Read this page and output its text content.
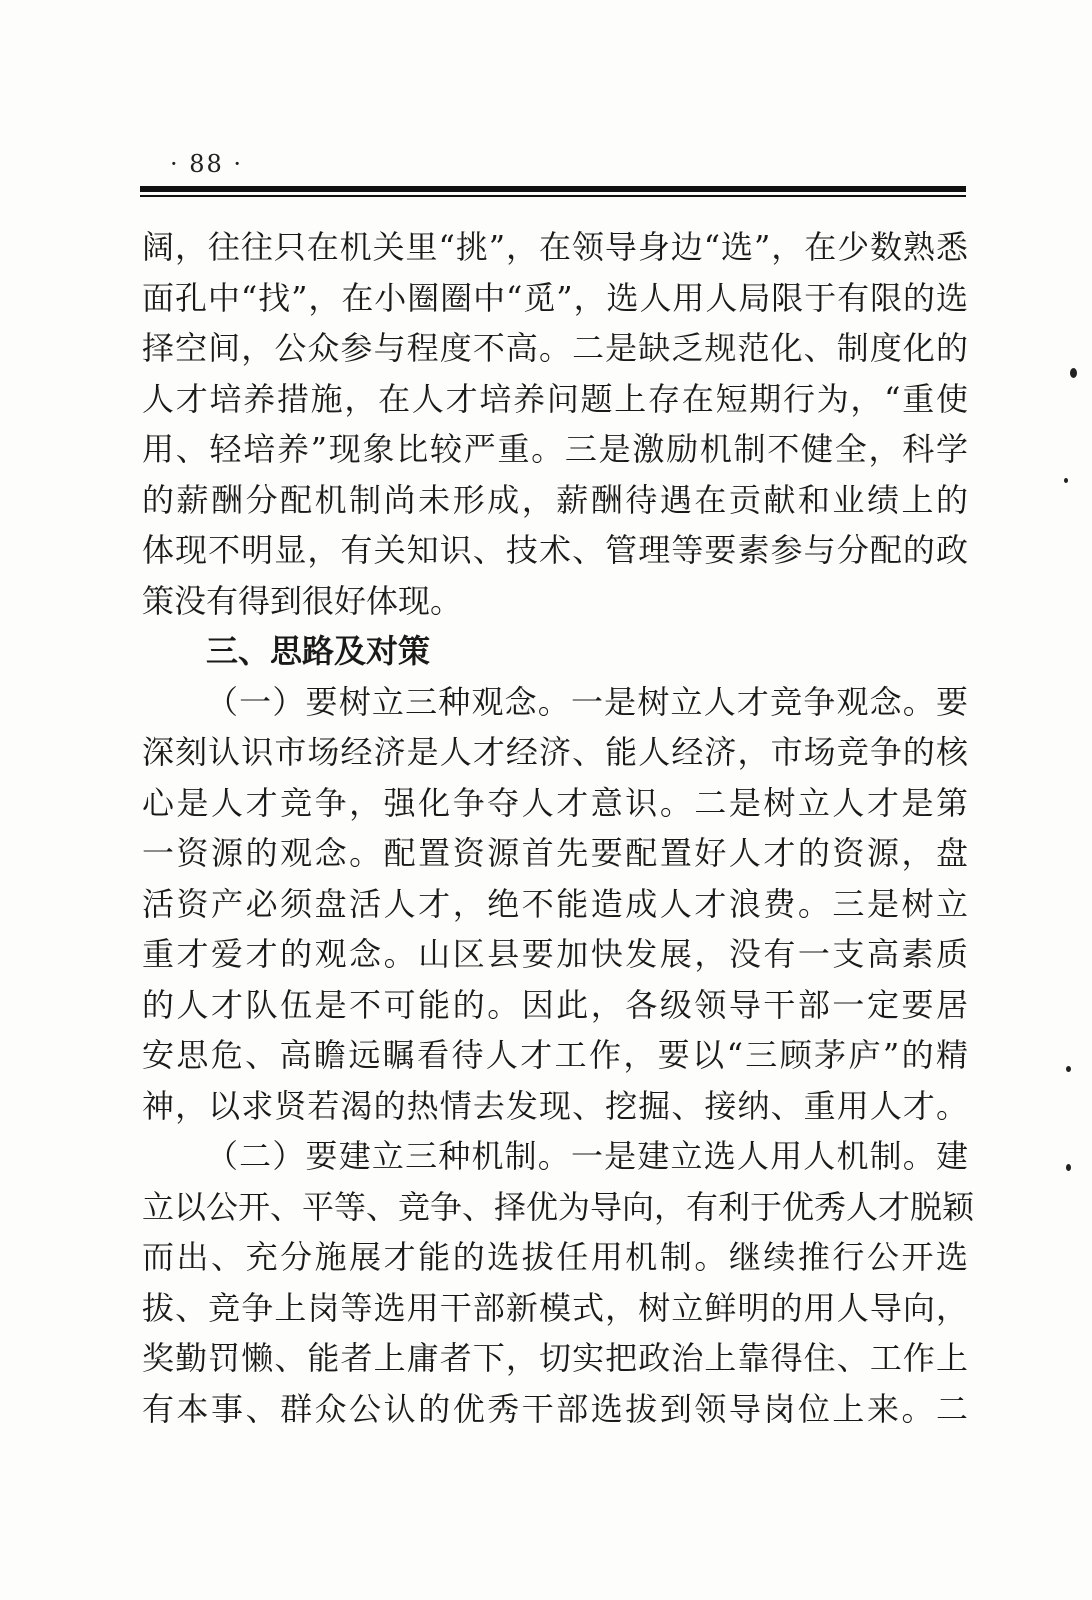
· 88 ·
阔，往往只在机关里“挑”，在领导身边“选”，在少数熟悉
面孔中“找”，在小圈圈中“觅”，选人用人局限于有限的选
择空间，公众参与程度不高。二是缺乏规范化、制度化的
人才培养措施，在人才培养问题上存在短期行为，“重使
用、轻培养”现象比较严重。三是激励机制不健全，科学
的薪酬分配机制尚未形成，薪酬待遇在贡献和业绩上的
体现不明显，有关知识、技术、管理等要素参与分配的政
策没有得到很好体现。
三、思路及对策
（一）要树立三种观念。一是树立人才竞争观念。要
深刻认识市场经济是人才经济、能人经济，市场竞争的核
心是人才竞争，强化争夺人才意识。二是树立人才是第
一资源的观念。配置资源首先要配置好人才的资源，盘
活资产必须盘活人才，绝不能造成人才浪费。三是树立
重才爱才的观念。山区县要加快发展，没有一支高素质
的人才队伍是不可能的。因此，各级领导干部一定要居
安思危、高瞻远瞩看待人才工作，要以“三顾茅庐”的精
神，以求贤若渴的热情去发现、挖掘、接纳、重用人才。
（二）要建立三种机制。一是建立选人用人机制。建
立以公开、平等、竞争、择优为导向，有利于优秀人才脱颖
而出、充分施展才能的选拔任用机制。继续推行公开选
拔、竞争上岗等选用干部新模式，树立鲜明的用人导向，
奖勤罚懒、能者上庸者下，切实把政治上靠得住、工作上
有本事、群众公认的优秀干部选拔到领导岗位上来。二
